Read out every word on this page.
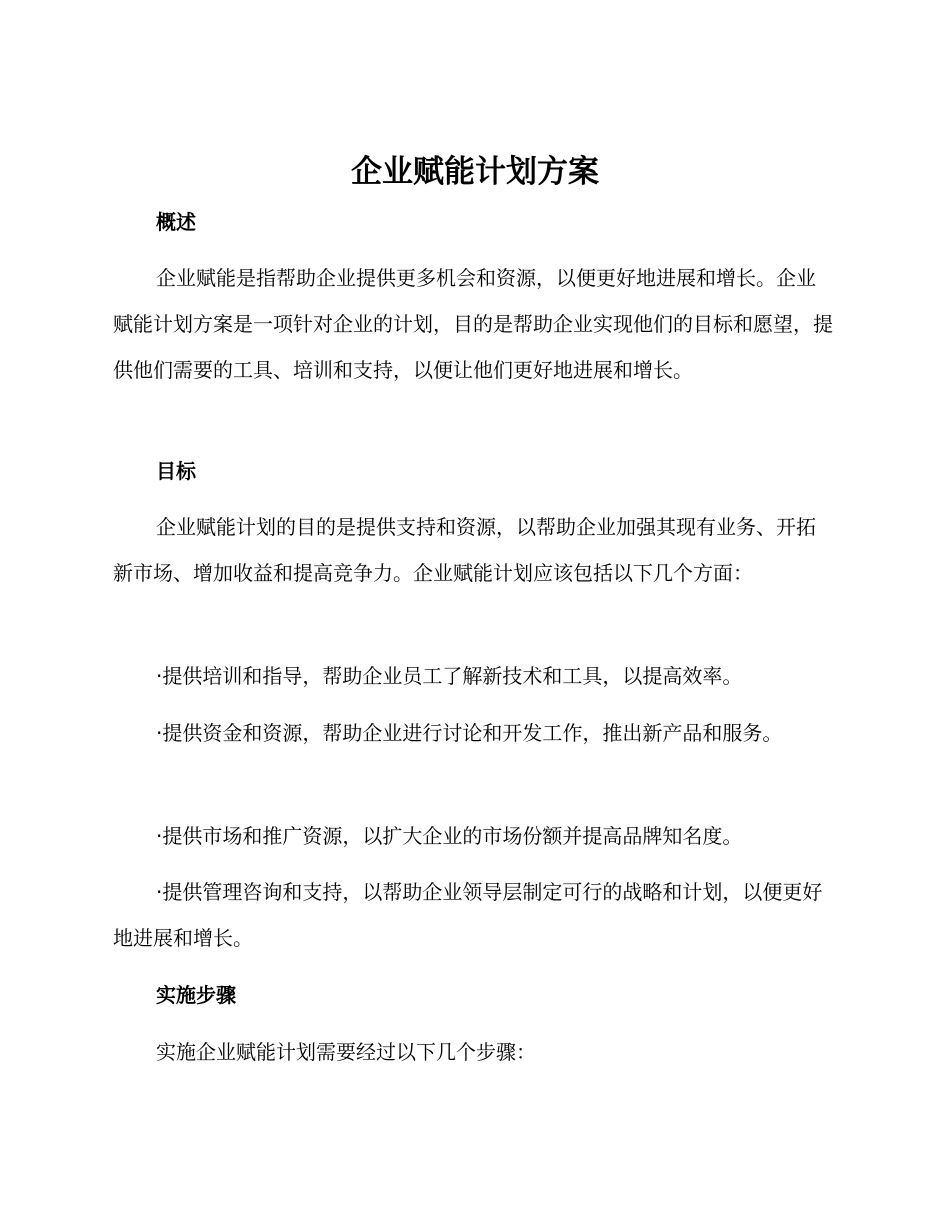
企业赋能计划方案
概述

企业赋能是指帮助企业提供更多机会和资源，以便更好地进展和增长。企业赋能计划方案是一项针对企业的计划，目的是帮助企业实现他们的目标和愿望，提供他们需要的工具、培训和支持，以便让他们更好地进展和增长。

目标

企业赋能计划的目的是提供支持和资源，以帮助企业加强其现有业务、开拓新市场、增加收益和提高竞争力。企业赋能计划应该包括以下几个方面：

·提供培训和指导，帮助企业员工了解新技术和工具，以提高效率。

·提供资金和资源，帮助企业进行讨论和开发工作，推出新产品和服务。

·提供市场和推广资源，以扩大企业的市场份额并提高品牌知名度。

·提供管理咨询和支持，以帮助企业领导层制定可行的战略和计划，以便更好地进展和增长。

实施步骤

实施企业赋能计划需要经过以下几个步骤：
